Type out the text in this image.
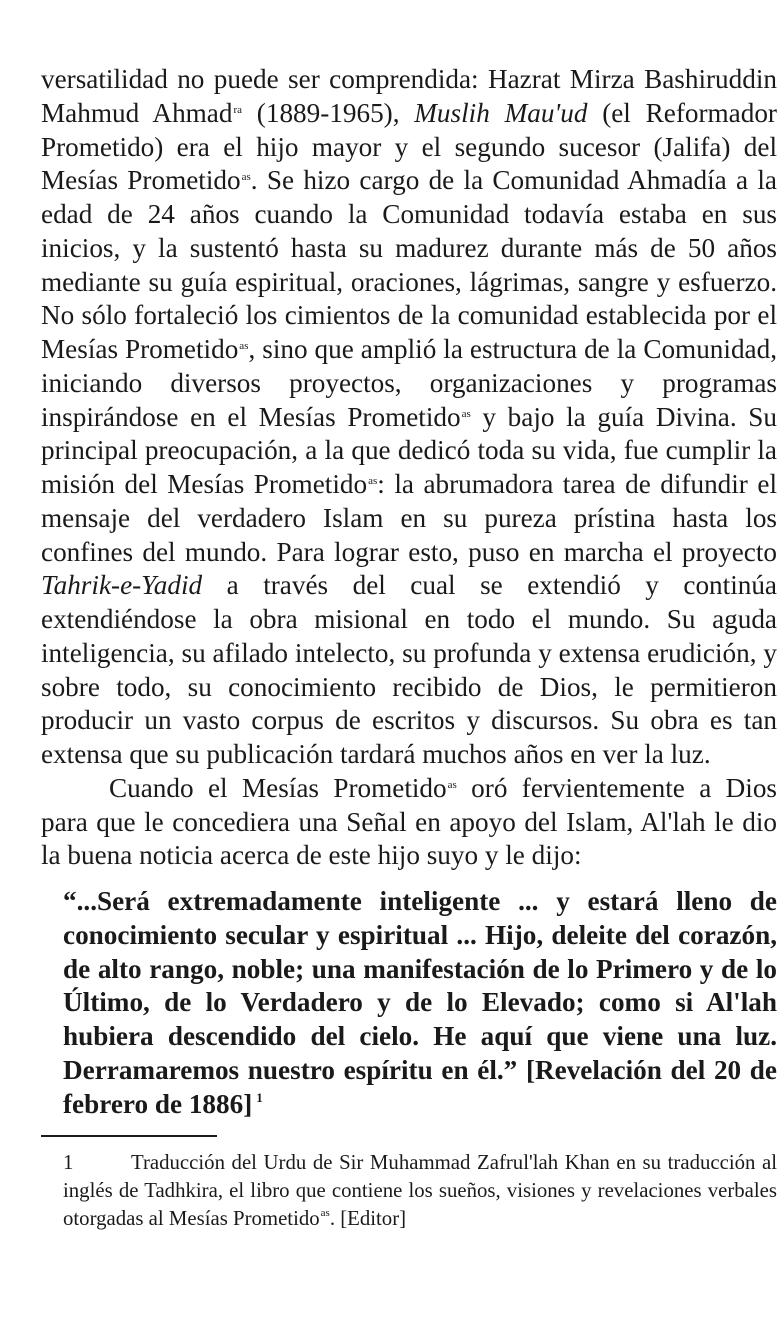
versatilidad no puede ser comprendida: Hazrat Mirza Bashiruddin Mahmud Ahmad$^{ra}$ (1889-1965), Muslih Mau'ud (el Reformador Prometido) era el hijo mayor y el segundo sucesor (Jalifa) del Mesías Prometido$^{as}$. Se hizo cargo de la Comunidad Ahmadía a la edad de 24 años cuando la Comunidad todavía estaba en sus inicios, y la sustentó hasta su madurez durante más de 50 años mediante su guía espiritual, oraciones, lágrimas, sangre y esfuerzo. No sólo fortaleció los cimientos de la comunidad establecida por el Mesías Prometido$^{as}$, sino que amplió la estructura de la Comunidad, iniciando diversos proyectos, organizaciones y programas inspirándose en el Mesías Prometido$^{as}$ y bajo la guía Divina. Su principal preocupación, a la que dedicó toda su vida, fue cumplir la misión del Mesías Prometido$^{as}$: la abrumadora tarea de difundir el mensaje del verdadero Islam en su pureza prístina hasta los confines del mundo. Para lograr esto, puso en marcha el proyecto Tahrik-e-Yadid a través del cual se extendió y continúa extendiéndose la obra misional en todo el mundo. Su aguda inteligencia, su afilado intelecto, su profunda y extensa erudición, y sobre todo, su conocimiento recibido de Dios, le permitieron producir un vasto corpus de escritos y discursos. Su obra es tan extensa que su publicación tardará muchos años en ver la luz.

Cuando el Mesías Prometido$^{as}$ oró fervientemente a Dios para que le concediera una Señal en apoyo del Islam, Al'lah le dio la buena noticia acerca de este hijo suyo y le dijo:

“...Será extremadamente inteligente ... y estará lleno de conocimiento secular y espiritual ... Hijo, deleite del corazón, de alto rango, noble; una manifestación de lo Primero y de lo Último, de lo Verdadero y de lo Elevado; como si Al'lah hubiera descendido del cielo. He aquí que viene una luz. Derramaremos nuestro espíritu en él.” [Revelación del 20 de febrero de 1886] $^1$

1	Traducción del Urdu de Sir Muhammad Zafrul'lah Khan en su traducción al inglés de Tadhkira, el libro que contiene los sueños, visiones y revelaciones verbales otorgadas al Mesías Prometido$^{as}$. [Editor]
